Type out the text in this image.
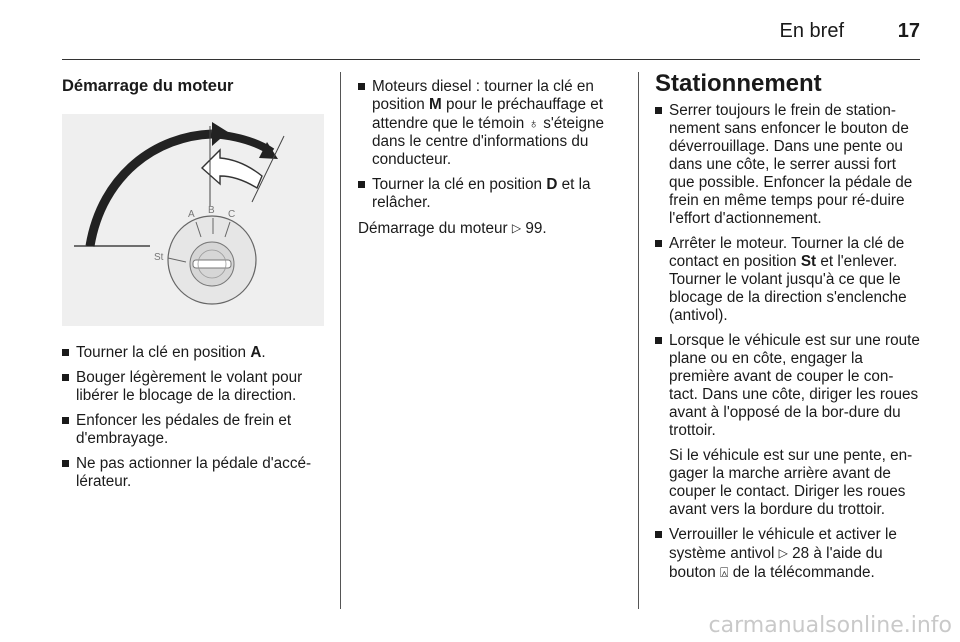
En bref	17
Démarrage du moteur
A B C
St
Tourner la clé en position A.
Bouger légèrement le volant pour libérer le blocage de la direction.
Enfoncer les pédales de frein et d'embrayage.
Ne pas actionner la pédale d'accé‐lérateur.
Moteurs diesel : tourner la clé en position M pour le préchauffage et attendre que le témoin ♁ s'éteigne dans le centre d'informations du conducteur.
Tourner la clé en position D et la relâcher.

Démarrage du moteur ▷ 99.

Stationnement
Serrer toujours le frein de station‐nement sans enfoncer le bouton de déverrouillage. Dans une pente ou dans une côte, le serrer aussi fort que possible. Enfoncer la pédale de frein en même temps pour ré‐duire l'effort d'actionnement.
Arrêter le moteur. Tourner la clé de contact en position St et l'enlever. Tourner le volant jusqu'à ce que le blocage de la direction s'enclenche (antivol).
Lorsque le véhicule est sur une route plane ou en côte, engager la première avant de couper le con‐tact. Dans une côte, diriger les roues avant à l'opposé de la bor‐dure du trottoir.
Si le véhicule est sur une pente, en‐gager la marche arrière avant de couper le contact. Diriger les roues avant vers la bordure du trottoir.
Verrouiller le véhicule et activer le système antivol ▷ 28 à l'aide du bouton ⍓ de la télécommande.
carmanualsonline.info
